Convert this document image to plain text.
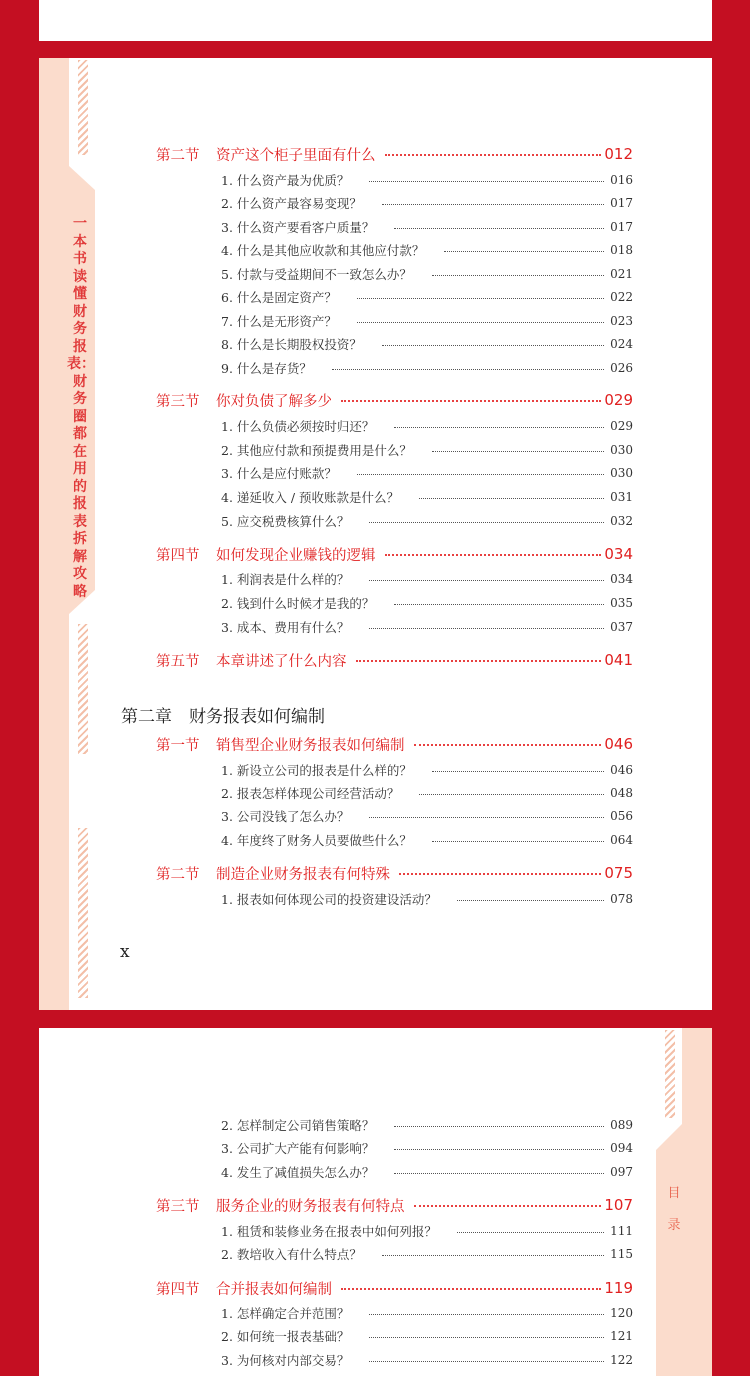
一本书读懂财务报表：财务圈都在用的报表拆解攻略
第二节	资产这个柜子里面有什么	012
1. 什么资产最为优质？	016
2. 什么资产最容易变现？	017
3. 什么资产要看客户质量？	017
4. 什么是其他应收款和其他应付款？	018
5. 付款与受益期间不一致怎么办？	021
6. 什么是固定资产？	022
7. 什么是无形资产？	023
8. 什么是长期股权投资？	024
9. 什么是存货？	026
第三节	你对负债了解多少	029
1. 什么负债必须按时归还？	029
2. 其他应付款和预提费用是什么？	030
3. 什么是应付账款？	030
4. 递延收入 / 预收账款是什么？	031
5. 应交税费核算什么？	032
第四节	如何发现企业赚钱的逻辑	034
1. 利润表是什么样的？	034
2. 钱到什么时候才是我的？	035
3. 成本、费用有什么？	037
第五节	本章讲述了什么内容	041
第一节	销售型企业财务报表如何编制	046
1. 新设立公司的报表是什么样的？	046
2. 报表怎样体现公司经营活动？	048
3. 公司没钱了怎么办？	056
4. 年度终了财务人员要做些什么？	064
第二节	制造企业财务报表有何特殊	075
1. 报表如何体现公司的投资建设活动？	078
第二章　财务报表如何编制
x
目录
2. 怎样制定公司销售策略？	089
3. 公司扩大产能有何影响？	094
4. 发生了减值损失怎么办？	097
第三节	服务企业的财务报表有何特点	107
1. 租赁和装修业务在报表中如何列报？	111
2. 教培收入有什么特点？	115
第四节	合并报表如何编制	119
1. 怎样确定合并范围？	120
2. 如何统一报表基础？	121
3. 为何核对内部交易？	122
